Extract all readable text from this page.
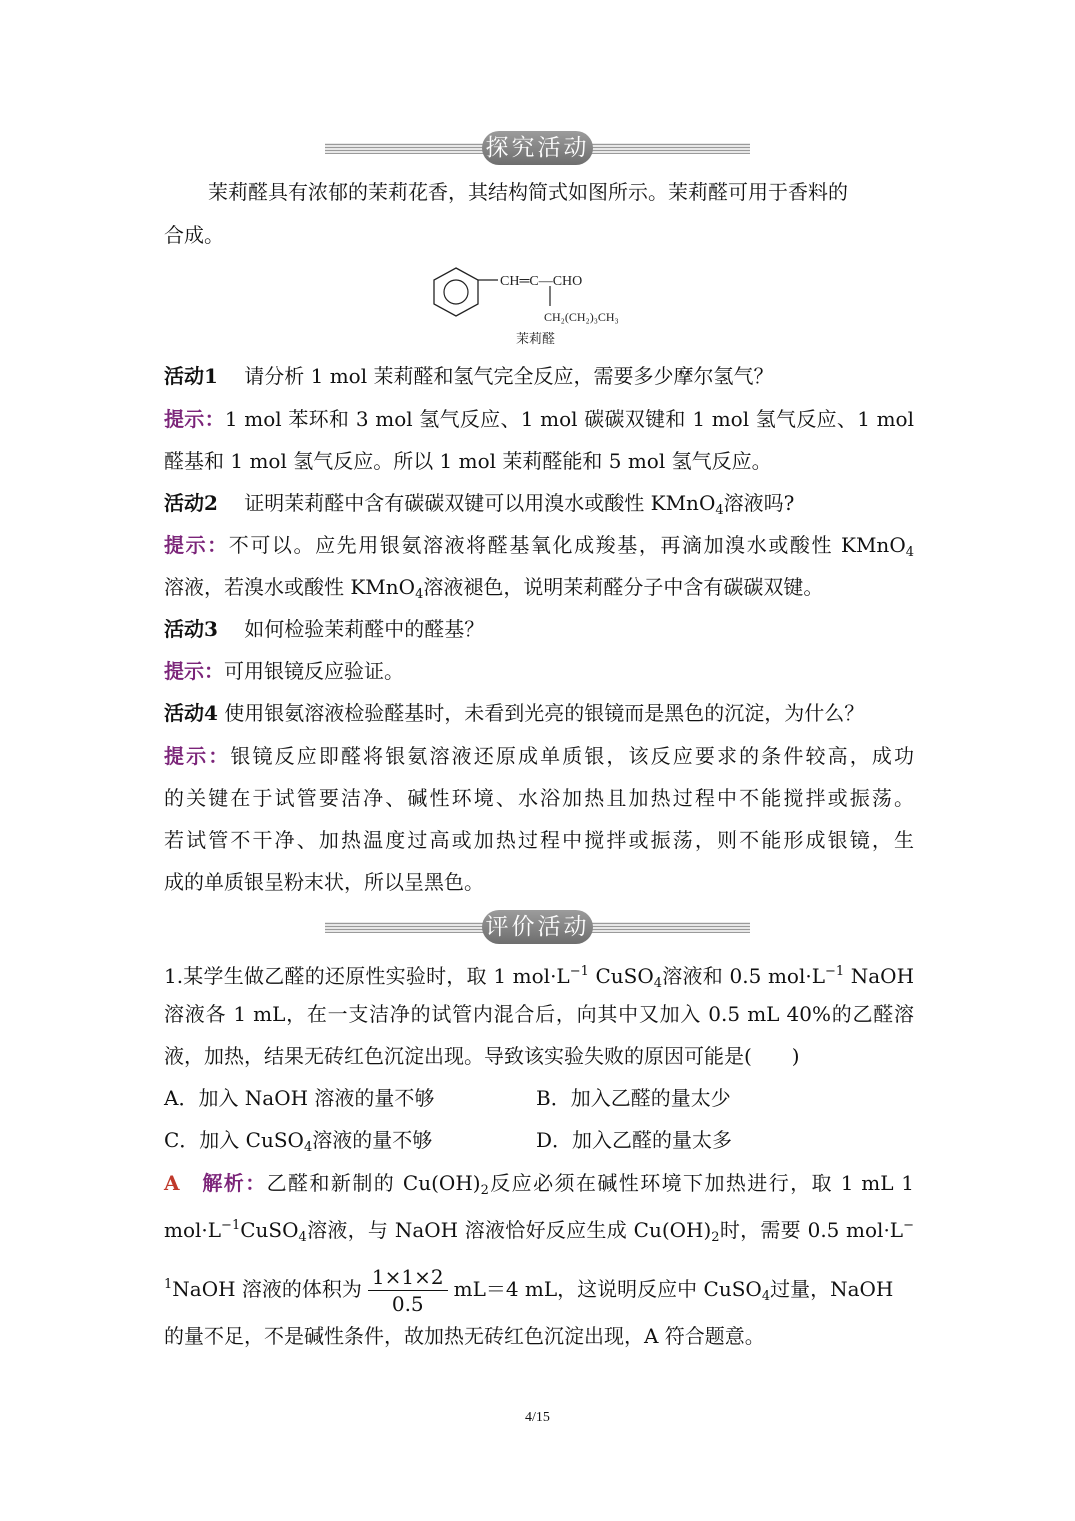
探究活动
茉莉醛具有浓郁的茉莉花香，其结构简式如图所示。茉莉醛可用于香料的
合成。
CH═C—CHO
CH₂(CH₂)₃CH₃
茉莉醛
活动1　 请分析 1 mol 茉莉醛和氢气完全反应，需要多少摩尔氢气？
提示：1 mol 苯环和 3 mol 氢气反应、1 mol 碳碳双键和 1 mol 氢气反应、1 mol
醛基和 1 mol 氢气反应。所以 1 mol 茉莉醛能和 5 mol 氢气反应。
活动2　 证明茉莉醛中含有碳碳双键可以用溴水或酸性 KMnO$_4$溶液吗?
提示：不可以。应先用银氨溶液将醛基氧化成羧基，再滴加溴水或酸性 KMnO$_4$
溶液，若溴水或酸性 KMnO$_4$溶液褪色，说明茉莉醛分子中含有碳碳双键。
活动3　 如何检验茉莉醛中的醛基？
提示：可用银镜反应验证。
活动4 使用银氨溶液检验醛基时，未看到光亮的银镜而是黑色的沉淀，为什么？
提示：银镜反应即醛将银氨溶液还原成单质银，该反应要求的条件较高，成功
的关键在于试管要洁净、碱性环境、水浴加热且加热过程中不能搅拌或振荡。
若试管不干净、加热温度过高或加热过程中搅拌或振荡，则不能形成银镜，生
成的单质银呈粉末状，所以呈黑色。
评价活动
1.某学生做乙醛的还原性实验时，取 1 $mol\cdot L^{-1}$ CuSO$_4$溶液和 0.5 $mol\cdot L^{-1}$ NaOH
溶液各 1 mL，在一支洁净的试管内混合后，向其中又加入 0.5 mL 40%的乙醛溶
液，加热，结果无砖红色沉淀出现。导致该实验失败的原因可能是(　　)
A．加入 NaOH 溶液的量不够	B．加入乙醛的量太少
C．加入 CuSO$_4$溶液的量不够	D．加入乙醛的量太多
A　 解析：乙醛和新制的 $Cu(OH)_2$反应必须在碱性环境下加热进行，取 1 mL 1
$mol\cdot L^{-1}CuSO_4$溶液，与 NaOH 溶液恰好反应生成 $Cu(OH)_2$时，需要 0.5 mol·L−
$^1$NaOH 溶液的体积为 $\frac{1\times 1\times 2}{0.5} mL=4$ mL，这说明反应中 CuSO$_4$过量，NaOH
的量不足，不是碱性条件，故加热无砖红色沉淀出现，A 符合题意。
4/15
